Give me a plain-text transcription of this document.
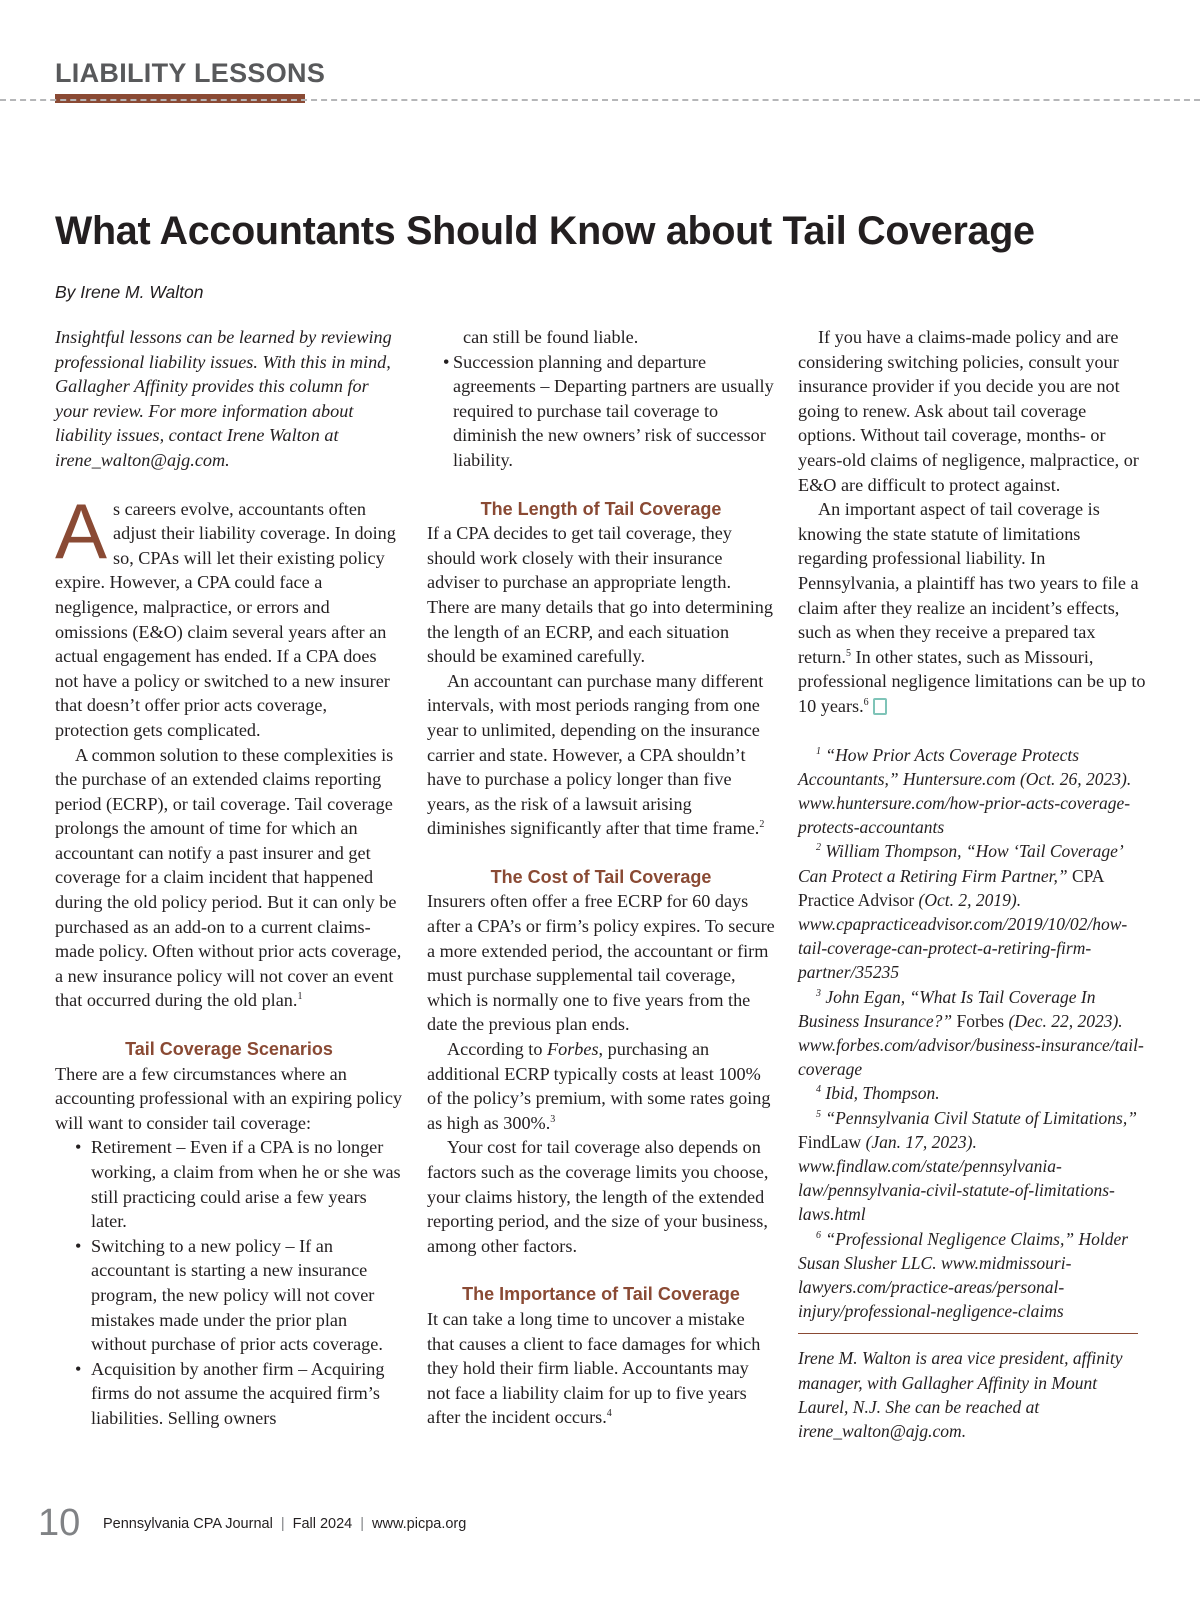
LIABILITY LESSONS
What Accountants Should Know about Tail Coverage
By Irene M. Walton

Insightful lessons can be learned by reviewing professional liability issues. With this in mind, Gallagher Affinity provides this column for your review. For more information about liability issues, contact Irene Walton at irene_walton@ajg.com.

As careers evolve, accountants often adjust their liability coverage. In doing so, CPAs will let their existing policy expire. However, a CPA could face a negligence, malpractice, or errors and omissions (E&O) claim several years after an actual engagement has ended. If a CPA does not have a policy or switched to a new insurer that doesn’t offer prior acts coverage, protection gets complicated.

A common solution to these complexities is the purchase of an extended claims reporting period (ECRP), or tail coverage. Tail coverage prolongs the amount of time for which an accountant can notify a past insurer and get coverage for a claim incident that happened during the old policy period. But it can only be purchased as an add-on to a current claims-made policy. Often without prior acts coverage, a new insurance policy will not cover an event that occurred during the old plan.$^1$

Tail Coverage Scenarios

There are a few circumstances where an accounting professional with an expiring policy will want to consider tail coverage:

• Retirement – Even if a CPA is no longer working, a claim from when he or she was still practicing could arise a few years later.
• Switching to a new policy – If an accountant is starting a new insurance program, the new policy will not cover mistakes made under the prior plan without purchase of prior acts coverage.
• Acquisition by another firm – Acquiring firms do not assume the acquired firm’s liabilities. Selling owners

can still be found liable.

• • Succession planning and departure agreements – Departing partners are usually required to purchase tail coverage to diminish the new owners’ risk of successor liability.
The Length of Tail Coverage

If a CPA decides to get tail coverage, they should work closely with their insurance adviser to purchase an appropriate length. There are many details that go into determining the length of an ECRP, and each situation should be examined carefully.

An accountant can purchase many different intervals, with most periods ranging from one year to unlimited, depending on the insurance carrier and state. However, a CPA shouldn’t have to purchase a policy longer than five years, as the risk of a lawsuit arising diminishes significantly after that time frame.$^2$

The Cost of Tail Coverage

Insurers often offer a free ECRP for 60 days after a CPA’s or firm’s policy expires. To secure a more extended period, the accountant or firm must purchase supplemental tail coverage, which is normally one to five years from the date the previous plan ends.

According to Forbes, purchasing an additional ECRP typically costs at least 100% of the policy’s premium, with some rates going as high as 300%.$^3$

Your cost for tail coverage also depends on factors such as the coverage limits you choose, your claims history, the length of the extended reporting period, and the size of your business, among other factors.

The Importance of Tail Coverage

It can take a long time to uncover a mistake that causes a client to face damages for which they hold their firm liable. Accountants may not face a liability claim for up to five years after the incident occurs.$^4$

If you have a claims-made policy and are considering switching policies, consult your insurance provider if you decide you are not going to renew. Ask about tail coverage options. Without tail coverage, months- or years-old claims of negligence, malpractice, or E&O are difficult to protect against.

An important aspect of tail coverage is knowing the state statute of limitations regarding professional liability. In Pennsylvania, a plaintiff has two years to file a claim after they realize an incident’s effects, such as when they receive a prepared tax return.$^5$ In other states, such as Missouri, professional negligence limitations can be up to 10 years.$^6$

$^1$ “How Prior Acts Coverage Protects Accountants,” Huntersure.com (Oct. 26, 2023). www.huntersure.com/how-prior-acts-coverage-protects-accountants

$^2$ William Thompson, “How ‘Tail Coverage’ Can Protect a Retiring Firm Partner,” CPA Practice Advisor (Oct. 2, 2019). www.cpapracticeadvisor.com/2019/10/02/how-tail-coverage-can-protect-a-retiring-firm-partner/35235

$^3$ John Egan, “What Is Tail Coverage In Business Insurance?” Forbes (Dec. 22, 2023). www.forbes.com/advisor/business-insurance/tail-coverage

$^4$ Ibid, Thompson.

$^5$ “Pennsylvania Civil Statute of Limitations,” FindLaw (Jan. 17, 2023). www.findlaw.com/state/pennsylvania-law/pennsylvania-civil-statute-of-limitations-laws.html

$^6$ “Professional Negligence Claims,” Holder Susan Slusher LLC. www.midmissouri-lawyers.com/practice-areas/personal-injury/professional-negligence-claims

Irene M. Walton is area vice president, affinity manager, with Gallagher Affinity in Mount Laurel, N.J. She can be reached at irene_walton@ajg.com.

10 Pennsylvania CPA Journal | Fall 2024 | www.picpa.org
